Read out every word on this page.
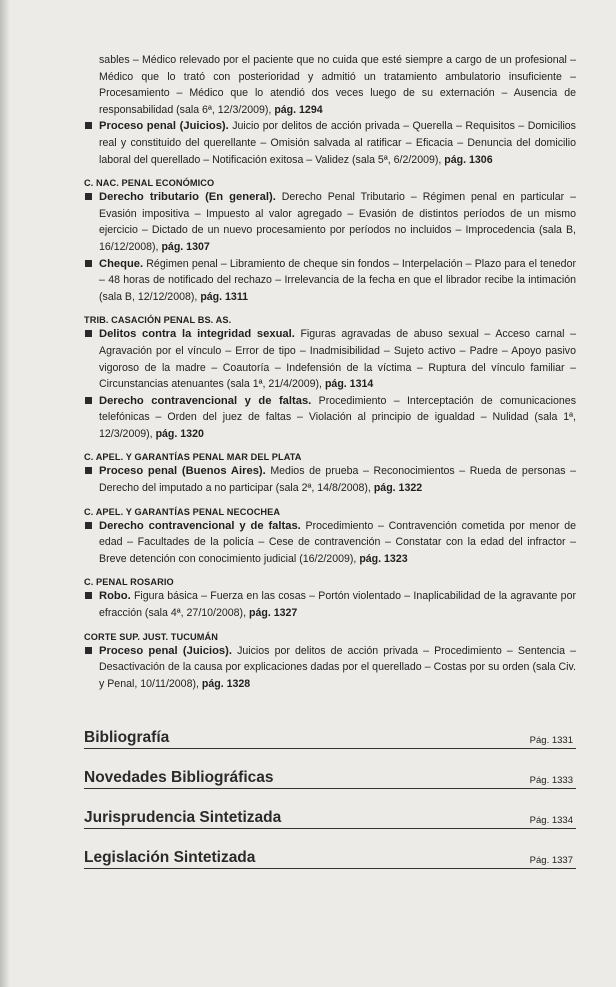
sables – Médico relevado por el paciente que no cuida que esté siempre a cargo de un profesional – Médico que lo trató con posterioridad y admitió un tratamiento ambulatorio insuficiente – Procesamiento – Médico que lo atendió dos veces luego de su externación – Ausencia de responsabilidad (sala 6ª, 12/3/2009), pág. 1294

Proceso penal (Juicios). Juicio por delitos de acción privada – Querella – Requisitos – Domicilios real y constituido del querellante – Omisión salvada al ratificar – Eficacia – Denuncia del domicilio laboral del querellado – Notificación exitosa – Validez (sala 5ª, 6/2/2009), pág. 1306

C. NAC. PENAL ECONÓMICO

Derecho tributario (En general). Derecho Penal Tributario – Régimen penal en particular – Evasión impositiva – Impuesto al valor agregado – Evasión de distintos períodos de un mismo ejercicio – Dictado de un nuevo procesamiento por períodos no incluidos – Improcedencia (sala B, 16/12/2008), pág. 1307

Cheque. Régimen penal – Libramiento de cheque sin fondos – Interpelación – Plazo para el tenedor – 48 horas de notificado del rechazo – Irrelevancia de la fecha en que el librador recibe la intimación (sala B, 12/12/2008), pág. 1311

TRIB. CASACIÓN PENAL BS. AS.

Delitos contra la integridad sexual. Figuras agravadas de abuso sexual – Acceso carnal – Agravación por el vínculo – Error de tipo – Inadmisibilidad – Sujeto activo – Padre – Apoyo pasivo vigoroso de la madre – Coautoría – Indefensión de la víctima – Ruptura del vínculo familiar – Circunstancias atenuantes (sala 1ª, 21/4/2009), pág. 1314

Derecho contravencional y de faltas. Procedimiento – Interceptación de comunicaciones telefónicas – Orden del juez de faltas – Violación al principio de igualdad – Nulidad (sala 1ª, 12/3/2009), pág. 1320

C. APEL. Y GARANTÍAS PENAL MAR DEL PLATA

Proceso penal (Buenos Aires). Medios de prueba – Reconocimientos – Rueda de personas – Derecho del imputado a no participar (sala 2ª, 14/8/2008), pág. 1322

C. APEL. Y GARANTÍAS PENAL NECOCHEA

Derecho contravencional y de faltas. Procedimiento – Contravención cometida por menor de edad – Facultades de la policía – Cese de contravención – Constatar con la edad del infractor – Breve detención con conocimiento judicial (16/2/2009), pág. 1323

C. PENAL ROSARIO

Robo. Figura básica – Fuerza en las cosas – Portón violentado – Inaplicabilidad de la agravante por efracción (sala 4ª, 27/10/2008), pág. 1327

CORTE SUP. JUST. TUCUMÁN

Proceso penal (Juicios). Juicios por delitos de acción privada – Procedimiento – Sentencia – Desactivación de la causa por explicaciones dadas por el querellado – Costas por su orden (sala Civ. y Penal, 10/11/2008), pág. 1328

Bibliografía	Pág. 1331
Novedades Bibliográficas	Pág. 1333
Jurisprudencia Sintetizada	Pág. 1334
Legislación Sintetizada	Pág. 1337
